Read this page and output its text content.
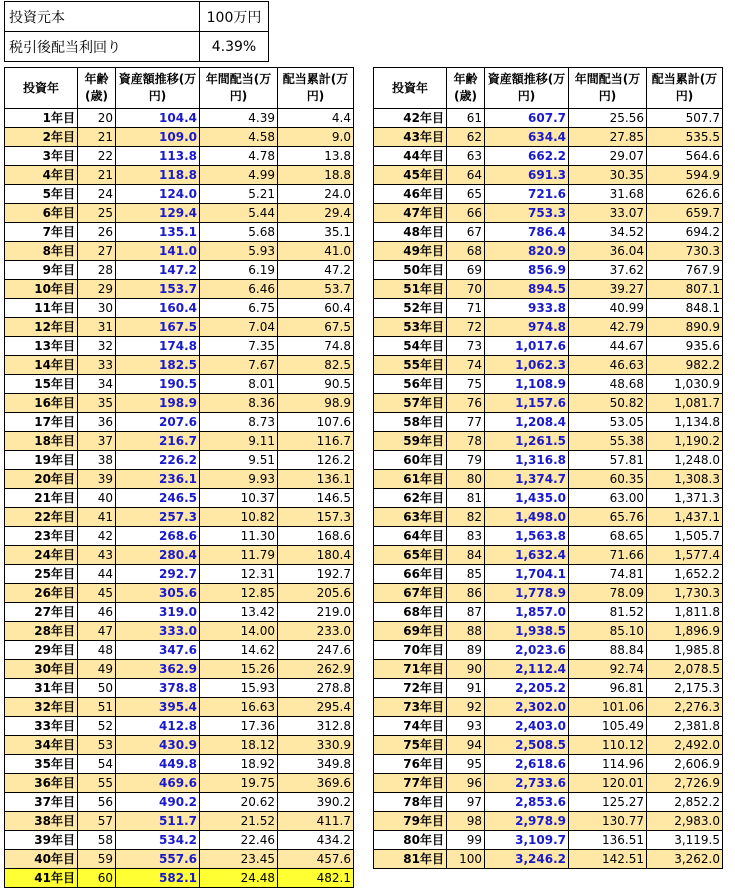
投資元本	100万円
税引後配当利回り	4.39%
投資年	年齢(歳)	資産額推移(万円)	年間配当(万円)	配当累計(万円)
1年目	20	104.4	4.39	4.4
2年目	21	109.0	4.58	9.0
3年目	22	113.8	4.78	13.8
4年目	21	118.8	4.99	18.8
5年目	24	124.0	5.21	24.0
6年目	25	129.4	5.44	29.4
7年目	26	135.1	5.68	35.1
8年目	27	141.0	5.93	41.0
9年目	28	147.2	6.19	47.2
10年目	29	153.7	6.46	53.7
11年目	30	160.4	6.75	60.4
12年目	31	167.5	7.04	67.5
13年目	32	174.8	7.35	74.8
14年目	33	182.5	7.67	82.5
15年目	34	190.5	8.01	90.5
16年目	35	198.9	8.36	98.9
17年目	36	207.6	8.73	107.6
18年目	37	216.7	9.11	116.7
19年目	38	226.2	9.51	126.2
20年目	39	236.1	9.93	136.1
21年目	40	246.5	10.37	146.5
22年目	41	257.3	10.82	157.3
23年目	42	268.6	11.30	168.6
24年目	43	280.4	11.79	180.4
25年目	44	292.7	12.31	192.7
26年目	45	305.6	12.85	205.6
27年目	46	319.0	13.42	219.0
28年目	47	333.0	14.00	233.0
29年目	48	347.6	14.62	247.6
30年目	49	362.9	15.26	262.9
31年目	50	378.8	15.93	278.8
32年目	51	395.4	16.63	295.4
33年目	52	412.8	17.36	312.8
34年目	53	430.9	18.12	330.9
35年目	54	449.8	18.92	349.8
36年目	55	469.6	19.75	369.6
37年目	56	490.2	20.62	390.2
38年目	57	511.7	21.52	411.7
39年目	58	534.2	22.46	434.2
40年目	59	557.6	23.45	457.6
41年目	60	582.1	24.48	482.1
投資年	年齢(歳)	資産額推移(万円)	年間配当(万円)	配当累計(万円)
42年目	61	607.7	25.56	507.7
43年目	62	634.4	27.85	535.5
44年目	63	662.2	29.07	564.6
45年目	64	691.3	30.35	594.9
46年目	65	721.6	31.68	626.6
47年目	66	753.3	33.07	659.7
48年目	67	786.4	34.52	694.2
49年目	68	820.9	36.04	730.3
50年目	69	856.9	37.62	767.9
51年目	70	894.5	39.27	807.1
52年目	71	933.8	40.99	848.1
53年目	72	974.8	42.79	890.9
54年目	73	1,017.6	44.67	935.6
55年目	74	1,062.3	46.63	982.2
56年目	75	1,108.9	48.68	1,030.9
57年目	76	1,157.6	50.82	1,081.7
58年目	77	1,208.4	53.05	1,134.8
59年目	78	1,261.5	55.38	1,190.2
60年目	79	1,316.8	57.81	1,248.0
61年目	80	1,374.7	60.35	1,308.3
62年目	81	1,435.0	63.00	1,371.3
63年目	82	1,498.0	65.76	1,437.1
64年目	83	1,563.8	68.65	1,505.7
65年目	84	1,632.4	71.66	1,577.4
66年目	85	1,704.1	74.81	1,652.2
67年目	86	1,778.9	78.09	1,730.3
68年目	87	1,857.0	81.52	1,811.8
69年目	88	1,938.5	85.10	1,896.9
70年目	89	2,023.6	88.84	1,985.8
71年目	90	2,112.4	92.74	2,078.5
72年目	91	2,205.2	96.81	2,175.3
73年目	92	2,302.0	101.06	2,276.3
74年目	93	2,403.0	105.49	2,381.8
75年目	94	2,508.5	110.12	2,492.0
76年目	95	2,618.6	114.96	2,606.9
77年目	96	2,733.6	120.01	2,726.9
78年目	97	2,853.6	125.27	2,852.2
79年目	98	2,978.9	130.77	2,983.0
80年目	99	3,109.7	136.51	3,119.5
81年目	100	3,246.2	142.51	3,262.0
